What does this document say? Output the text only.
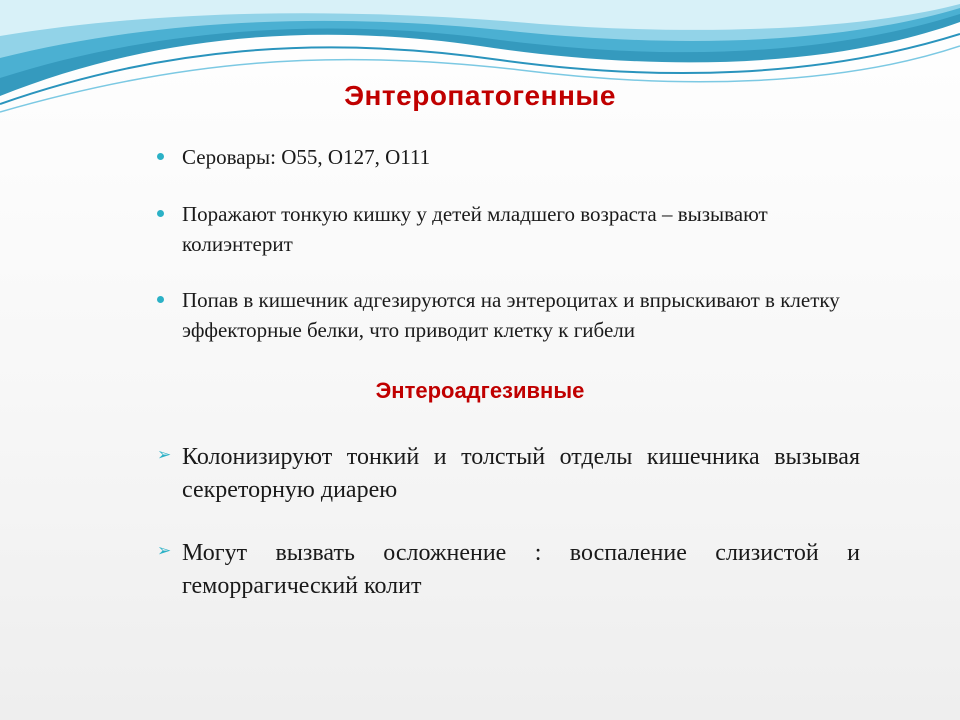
Энтеропатогенные
Серовары: О55, О127, О111
Поражают тонкую кишку у детей младшего возраста – вызывают колиэнтерит
Попав в кишечник адгезируются на энтероцитах и впрыскивают в клетку эффекторные белки, что приводит клетку к гибели
Энтероадгезивные
➢ Колонизируют тонкий и толстый отделы кишечника вызывая секреторную диарею
➢ Могут вызвать осложнение : воспаление слизистой и геморрагический колит
